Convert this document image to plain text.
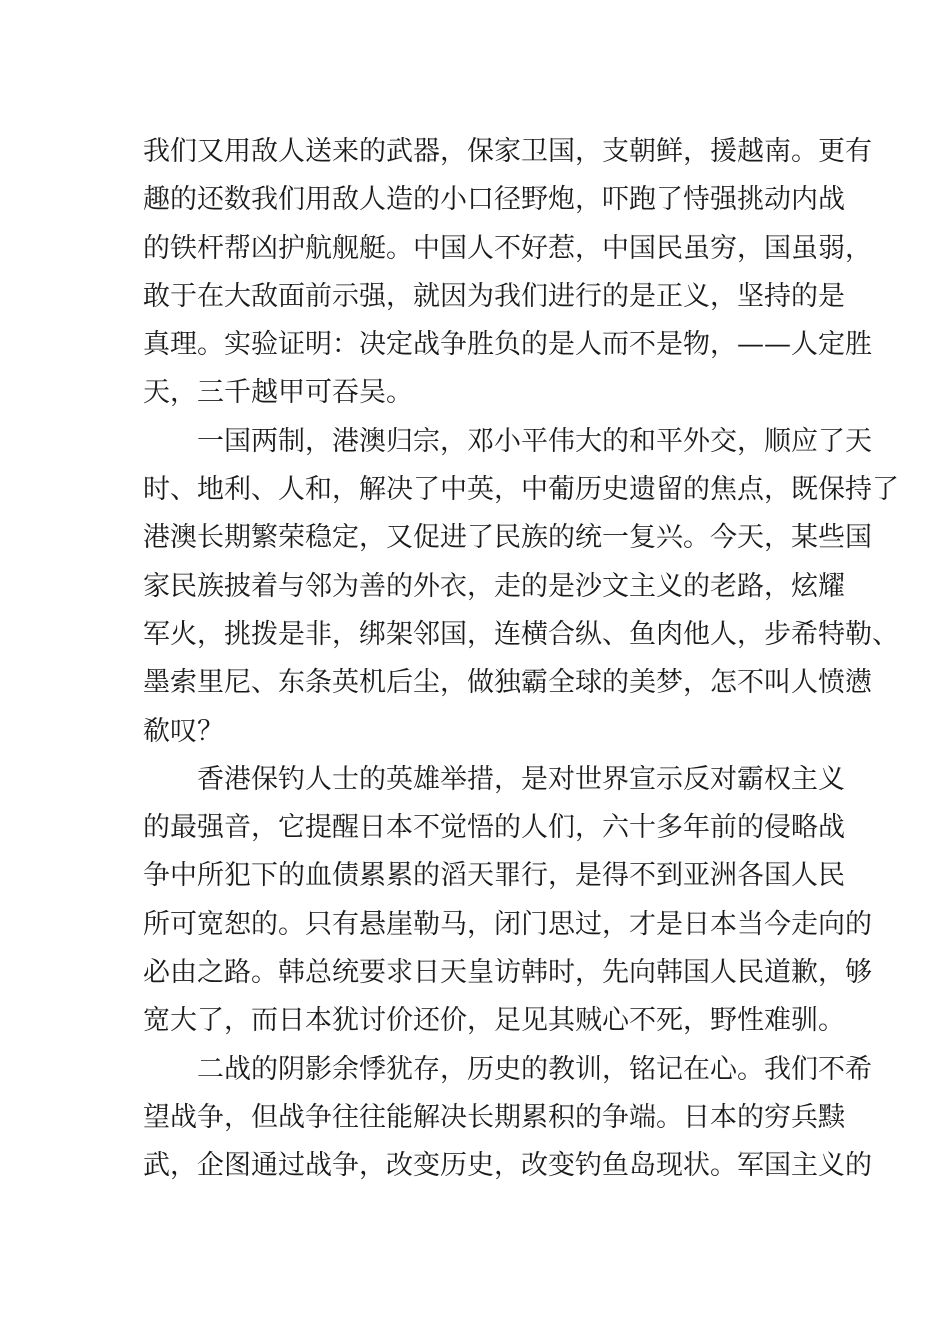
我们又用敌人送来的武器，保家卫国，支朝鲜，援越南。更有
趣的还数我们用敌人造的小口径野炮，吓跑了恃强挑动内战
的铁杆帮凶护航舰艇。中国人不好惹，中国民虽穷，国虽弱，
敢于在大敌面前示强，就因为我们进行的是正义，坚持的是
真理。实验证明：决定战争胜负的是人而不是物，——人定胜
天，三千越甲可吞吴。
一国两制，港澳归宗，邓小平伟大的和平外交，顺应了天
时、地利、人和，解决了中英，中葡历史遗留的焦点，既保持了
港澳长期繁荣稳定，又促进了民族的统一复兴。今天，某些国
家民族披着与邻为善的外衣，走的是沙文主义的老路，炫耀
军火，挑拨是非，绑架邻国，连横合纵、鱼肉他人，步希特勒、
墨索里尼、东条英机后尘，做独霸全球的美梦，怎不叫人愤懑
欷叹？
香港保钓人士的英雄举措，是对世界宣示反对霸权主义
的最强音，它提醒日本不觉悟的人们，六十多年前的侵略战
争中所犯下的血债累累的滔天罪行，是得不到亚洲各国人民
所可宽恕的。只有悬崖勒马，闭门思过，才是日本当今走向的
必由之路。韩总统要求日天皇访韩时，先向韩国人民道歉，够
宽大了，而日本犹讨价还价，足见其贼心不死，野性难驯。
二战的阴影余悸犹存，历史的教训，铭记在心。我们不希
望战争，但战争往往能解决长期累积的争端。日本的穷兵黩
武，企图通过战争，改变历史，改变钓鱼岛现状。军国主义的
